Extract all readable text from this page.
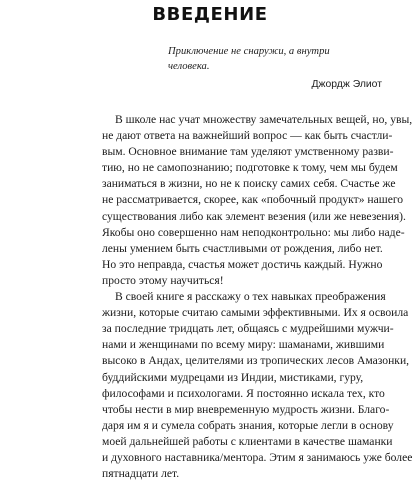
ВВЕДЕНИЕ
Приключение не снаружи, а внутри
человека.
Джордж Элиот
В школе нас учат множеству замечательных вещей, но, увы,
не дают ответа на важнейший вопрос — как быть счастли-
вым. Основное внимание там уделяют умственному разви-
тию, но не самопознанию; подготовке к тому, чем мы будем
заниматься в жизни, но не к поиску самих себя. Счастье же
не рассматривается, скорее, как «побочный продукт» нашего
существования либо как элемент везения (или же невезения).
Якобы оно совершенно нам неподконтрольно: мы либо наде-
лены умением быть счастливыми от рождения, либо нет.
Но это неправда, счастья может достичь каждый. Нужно
просто этому научиться!
В своей книге я расскажу о тех навыках преображения
жизни, которые считаю самыми эффективными. Их я освоила
за последние тридцать лет, общаясь с мудрейшими мужчи-
нами и женщинами по всему миру: шаманами, жившими
высоко в Андах, целителями из тропических лесов Амазонки,
буддийскими мудрецами из Индии, мистиками, гуру,
философами и психологами. Я постоянно искала тех, кто
чтобы нести в мир вневременную мудрость жизни. Благо-
даря им я и сумела собрать знания, которые легли в основу
моей дальнейшей работы с клиентами в качестве шаманки
и духовного наставника/ментора. Этим я занимаюсь уже более
пятнадцати лет.
